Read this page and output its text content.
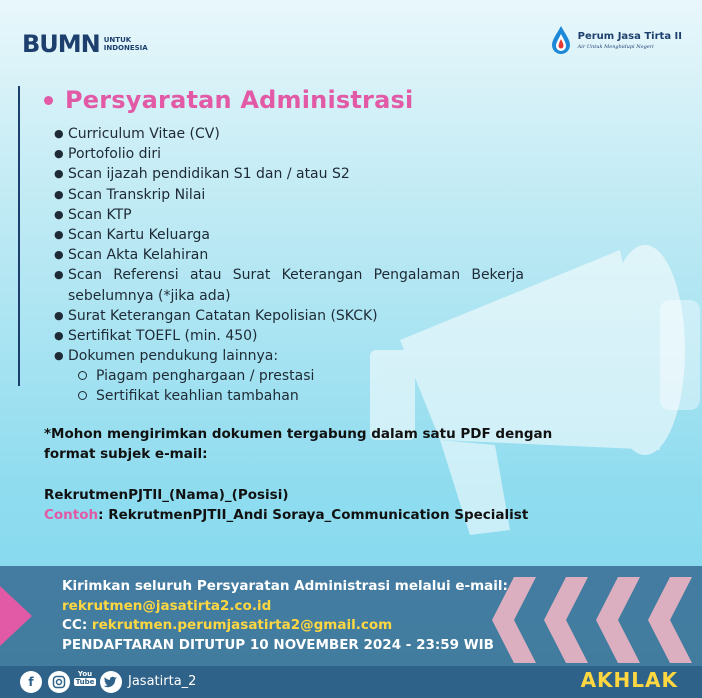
BUMN UNTUK
INDONESIA
Perum Jasa Tirta II
Air Untuk Menghidupi Negeri
Persyaratan Administrasi
● Curriculum Vitae (CV)
● Portofolio diri
● Scan ijazah pendidikan S1 dan / atau S2
● Scan Transkrip Nilai
● Scan KTP
● Scan Kartu Keluarga
● Scan Akta Kelahiran
● Scan Referensi atau Surat Keterangan Pengalaman Bekerja sebelumnya (*jika ada)
● Surat Keterangan Catatan Kepolisian (SKCK)
● Sertifikat TOEFL (min. 450)
● Dokumen pendukung lainnya:
Piagam penghargaan / prestasi
Sertifikat keahlian tambahan
*Mohon mengirimkan dokumen tergabung dalam satu PDF dengan format subjek e-mail:
RekrutmenPJTII_(Nama)_(Posisi)
Contoh: RekrutmenPJTII_Andi Soraya_Communication Specialist
Kirimkan seluruh Persyaratan Administrasi melalui e-mail:
rekrutmen@jasatirta2.co.id
CC: rekrutmen.perumjasatirta2@gmail.com
PENDAFTARAN DITUTUP 10 NOVEMBER 2024 - 23:59 WIB
f
You
Tube	Jasatirta_2	AKHLAK
